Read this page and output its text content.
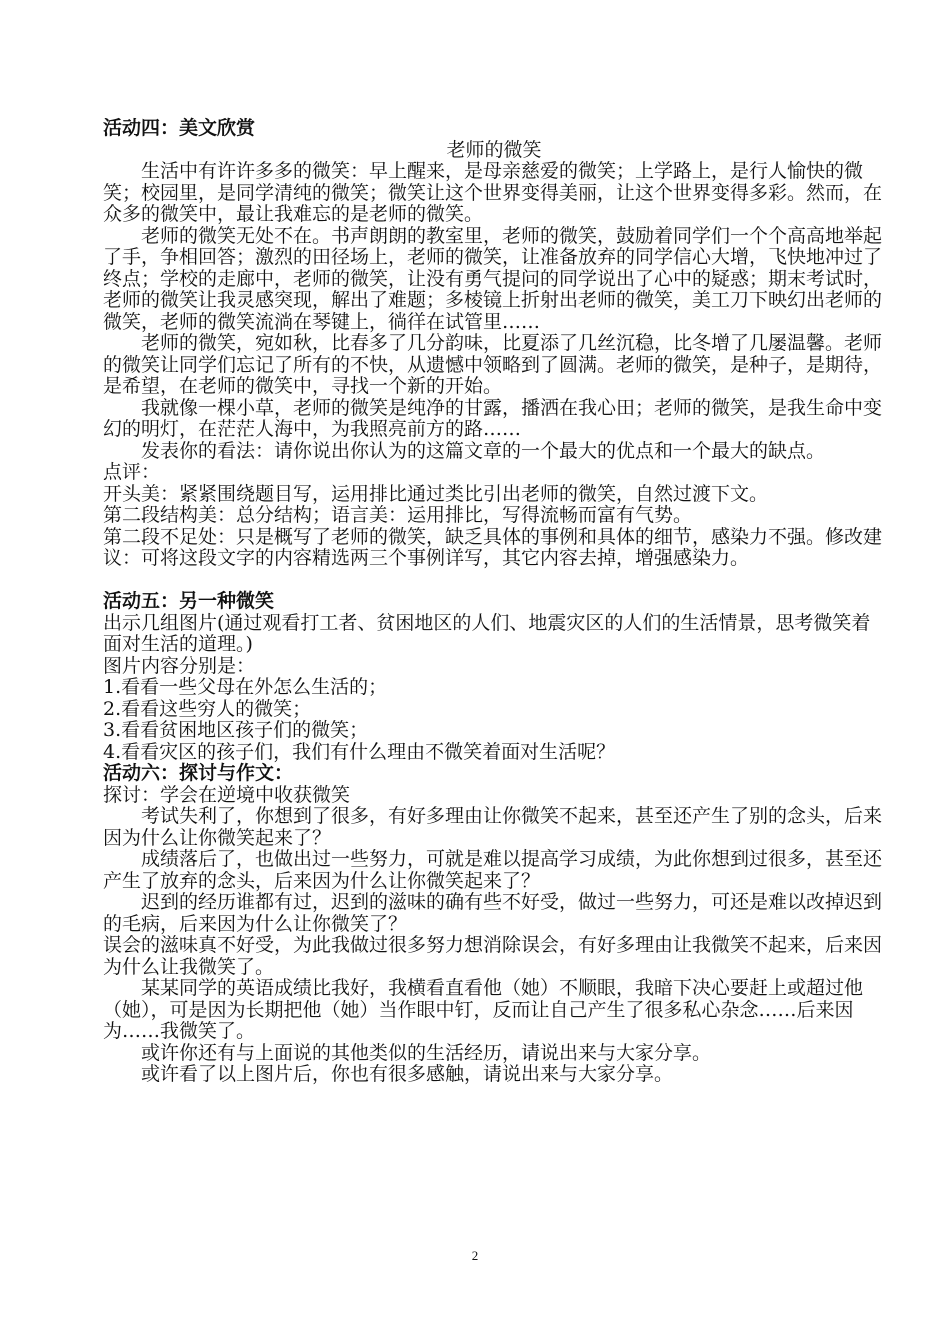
活动四：美文欣赏

老师的微笑

生活中有许许多多的微笑：早上醒来，是母亲慈爱的微笑；上学路上，是行人愉快的微笑；校园里，是同学清纯的微笑；微笑让这个世界变得美丽，让这个世界变得多彩。然而，在众多的微笑中，最让我难忘的是老师的微笑。

老师的微笑无处不在。书声朗朗的教室里，老师的微笑，鼓励着同学们一个个高高地举起了手，争相回答；激烈的田径场上，老师的微笑，让准备放弃的同学信心大增，飞快地冲过了终点；学校的走廊中，老师的微笑，让没有勇气提问的同学说出了心中的疑惑；期末考试时，老师的微笑让我灵感突现，解出了难题；多棱镜上折射出老师的微笑，美工刀下映幻出老师的微笑，老师的微笑流淌在琴键上，徜徉在试管里……

老师的微笑，宛如秋，比春多了几分韵味，比夏添了几丝沉稳，比冬增了几屡温馨。老师的微笑让同学们忘记了所有的不快，从遗憾中领略到了圆满。老师的微笑，是种子，是期待，是希望，在老师的微笑中，寻找一个新的开始。

我就像一棵小草，老师的微笑是纯净的甘露，播洒在我心田；老师的微笑，是我生命中变幻的明灯，在茫茫人海中，为我照亮前方的路……

发表你的看法：请你说出你认为的这篇文章的一个最大的优点和一个最大的缺点。

点评：

开头美：紧紧围绕题目写，运用排比通过类比引出老师的微笑，自然过渡下文。

第二段结构美：总分结构；语言美：运用排比，写得流畅而富有气势。

第二段不足处：只是概写了老师的微笑，缺乏具体的事例和具体的细节，感染力不强。修改建议：可将这段文字的内容精选两三个事例详写，其它内容去掉，增强感染力。

活动五：另一种微笑

出示几组图片(通过观看打工者、贫困地区的人们、地震灾区的人们的生活情景，思考微笑着面对生活的道理。)

图片内容分别是：

1.看看一些父母在外怎么生活的；

2.看看这些穷人的微笑；

3.看看贫困地区孩子们的微笑；

4.看看灾区的孩子们，我们有什么理由不微笑着面对生活呢？

活动六：探讨与作文：

探讨：学会在逆境中收获微笑

考试失利了，你想到了很多，有好多理由让你微笑不起来，甚至还产生了别的念头，后来因为什么让你微笑起来了？

成绩落后了，也做出过一些努力，可就是难以提高学习成绩，为此你想到过很多，甚至还产生了放弃的念头，后来因为什么让你微笑起来了？

迟到的经历谁都有过，迟到的滋味的确有些不好受，做过一些努力，可还是难以改掉迟到的毛病，后来因为什么让你微笑了？

误会的滋味真不好受，为此我做过很多努力想消除误会，有好多理由让我微笑不起来，后来因为什么让我微笑了。

某某同学的英语成绩比我好，我横看直看他（她）不顺眼，我暗下决心要赶上或超过他（她），可是因为长期把他（她）当作眼中钉，反而让自己产生了很多私心杂念……后来因为……我微笑了。

或许你还有与上面说的其他类似的生活经历，请说出来与大家分享。

或许看了以上图片后，你也有很多感触，请说出来与大家分享。

2
